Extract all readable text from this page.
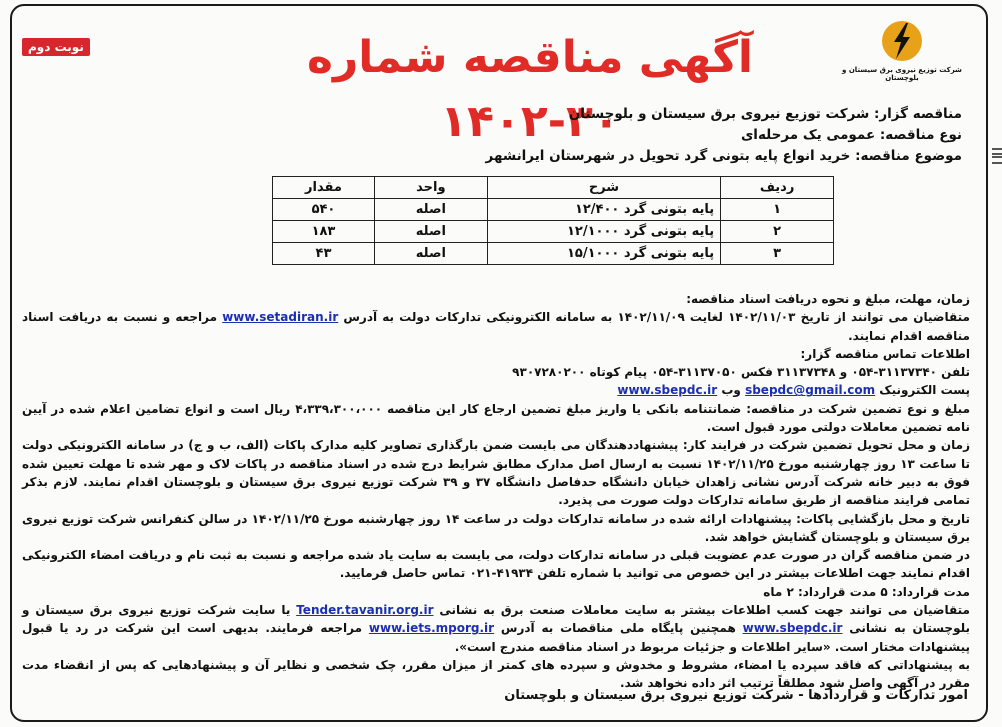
نوبت دوم	آگهی مناقصه شماره ۳۰-۱۴۰۲
شرکت توزیع نیروی برق سیستان و بلوچستان
مناقصه گزار: شرکت توزیع نیروی برق سیستان و بلوچستان
نوع مناقصه: عمومی یک مرحله‌ای
موضوع مناقصه: خرید انواع پایه بتونی گرد تحویل در شهرستان ایرانشهر
ردیف	شرح	واحد	مقدار
۱	پایه بتونی گرد ۱۲/۴۰۰	اصله	۵۴۰
۲	پایه بتونی گرد ۱۲/۱۰۰۰	اصله	۱۸۳
۳	پایه بتونی گرد ۱۵/۱۰۰۰	اصله	۴۳

زمان، مهلت، مبلغ و نحوه دریافت اسناد مناقصه:

متقاضیان می توانند از تاریخ ۱۴۰۲/۱۱/۰۳ لغایت ۱۴۰۲/۱۱/۰۹ به سامانه الکترونیکی تدارکات دولت به آدرس www.setadiran.ir مراجعه و نسبت به دریافت اسناد مناقصه اقدام نمایند.

اطلاعات تماس مناقصه گزار:

تلفن ۳۱۱۳۷۳۴۰-۰۵۴ و ۳۱۱۳۷۳۴۸ فکس ۳۱۱۳۷۰۵۰-۰۵۴ پیام کوتاه ۹۳۰۷۲۸۰۲۰۰

پست الکترونیک sbepdc@gmail.com وب www.sbepdc.ir

مبلغ و نوع تضمین شرکت در مناقصه: ضمانتنامه بانکی یا واریز مبلغ تضمین ارجاع کار این مناقصه ۴،۳۳۹،۳۰۰،۰۰۰ ریال است و انواع تضامین اعلام شده در آیین نامه تضمین معاملات دولتی مورد قبول است.

زمان و محل تحویل تضمین شرکت در فرایند کار: پیشنهاددهندگان می بایست ضمن بارگذاری تصاویر کلیه مدارک پاکات (الف، ب و ج) در سامانه الکترونیکی دولت تا ساعت ۱۳ روز چهارشنبه مورخ ۱۴۰۲/۱۱/۲۵ نسبت به ارسال اصل مدارک مطابق شرایط درج شده در اسناد مناقصه در پاکات لاک و مهر شده تا مهلت تعیین شده فوق به دبیر خانه شرکت آدرس نشانی زاهدان خیابان دانشگاه حدفاصل دانشگاه ۳۷ و ۳۹ شرکت توزیع نیروی برق سیستان و بلوچستان اقدام نمایند. لازم بذکر تمامی فرایند مناقصه از طریق سامانه تدارکات دولت صورت می پذیرد.

تاریخ و محل بازگشایی پاکات: پیشنهادات ارائه شده در سامانه تدارکات دولت در ساعت ۱۴ روز چهارشنبه مورخ ۱۴۰۲/۱۱/۲۵ در سالن کنفرانس شرکت توزیع نیروی برق سیستان و بلوچستان گشایش خواهد شد.

در ضمن مناقصه گران در صورت عدم عضویت قبلی در سامانه تدارکات دولت، می بایست به سایت یاد شده مراجعه و نسبت به ثبت نام و دریافت امضاء الکترونیکی اقدام نمایند جهت اطلاعات بیشتر در این خصوص می توانید با شماره تلفن ۴۱۹۳۴-۰۲۱ تماس حاصل فرمایید.

مدت قرارداد: ۵ مدت قرارداد: ۲ ماه

متقاضیان می توانند جهت کسب اطلاعات بیشتر به سایت معاملات صنعت برق به نشانی Tender.tavanir.org.ir یا سایت شرکت توزیع نیروی برق سیستان و بلوچستان به نشانی www.sbepdc.ir همچنین پایگاه ملی مناقصات به آدرس www.iets.mporg.ir مراجعه فرمایند. بدیهی است این شرکت در رد یا قبول پیشنهادات مختار است. «سایر اطلاعات و جزئیات مربوط در اسناد مناقصه مندرج است».

به پیشنهاداتی که فاقد سپرده یا امضاء، مشروط و مخدوش و سپرده های کمتر از میزان مقرر، چک شخصی و نظایر آن و پیشنهادهایی که پس از انقضاء مدت مقرر در آگهی واصل شود مطلقاً ترتیب اثر داده نخواهد شد.

امور تدارکات و قراردادها - شرکت توزیع نیروی برق سیستان و بلوچستان
